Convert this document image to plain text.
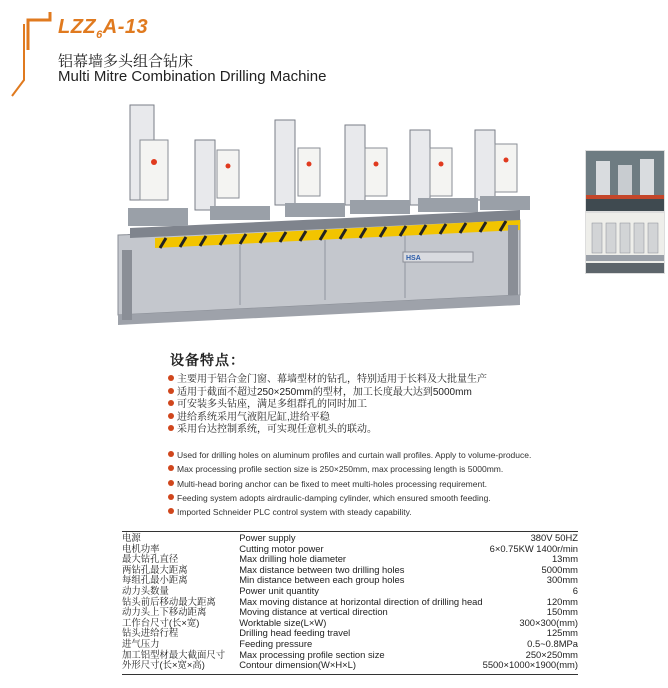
$LZZ_6A-13$
铝幕墙多头组合钻床
Multi Mitre Combination Drilling Machine
HSA
设备特点：
主要用于铝合金门窗、幕墙型材的钻孔，特别适用于长料及大批量生产
适用于截面不超过250×250mm的型材，加工长度最大达到5000mm
可安装多头钻座，满足多组群孔的同时加工
进给系统采用气液阻尼缸,进给平稳
采用台达控制系统，可实现任意机头的联动。
Used for drilling holes on aluminum profiles and curtain wall profiles. Apply to volume-produce.
Max processing profile section size is 250×250mm, max processing length is 5000mm.
Multi-head boring anchor can be fixed to meet multi-holes processing requirement.
Feeding system adopts airdraulic-damping cylinder, which ensured smooth feeding.
Imported Schneider PLC control system with steady capability.
电源	Power supply	380V 50HZ
电机功率	Cutting motor power	6×0.75KW 1400r/min
最大钻孔直径	Max drilling hole diameter	13mm
两钻孔最大距离	Max distance between two drilling holes	5000mm
每组孔最小距离	Min distance between each group holes	300mm
动力头数量	Power unit quantity	6
钻头前后移动最大距离	Max moving distance at horizontal direction of drilling head	120mm
动力头上下移动距离	Moving distance at vertical direction	150mm
工作台尺寸(长×宽)	Worktable size(L×W)	300×300(mm)
钻头进给行程	Drilling head feeding travel	125mm
进气压力	Feeding pressure	0.5~0.8MPa
加工铝型材最大截面尺寸	Max processing profile section size	250×250mm
外形尺寸(长×宽×高)	Contour dimension(W×H×L)	5500×1000×1900(mm)
